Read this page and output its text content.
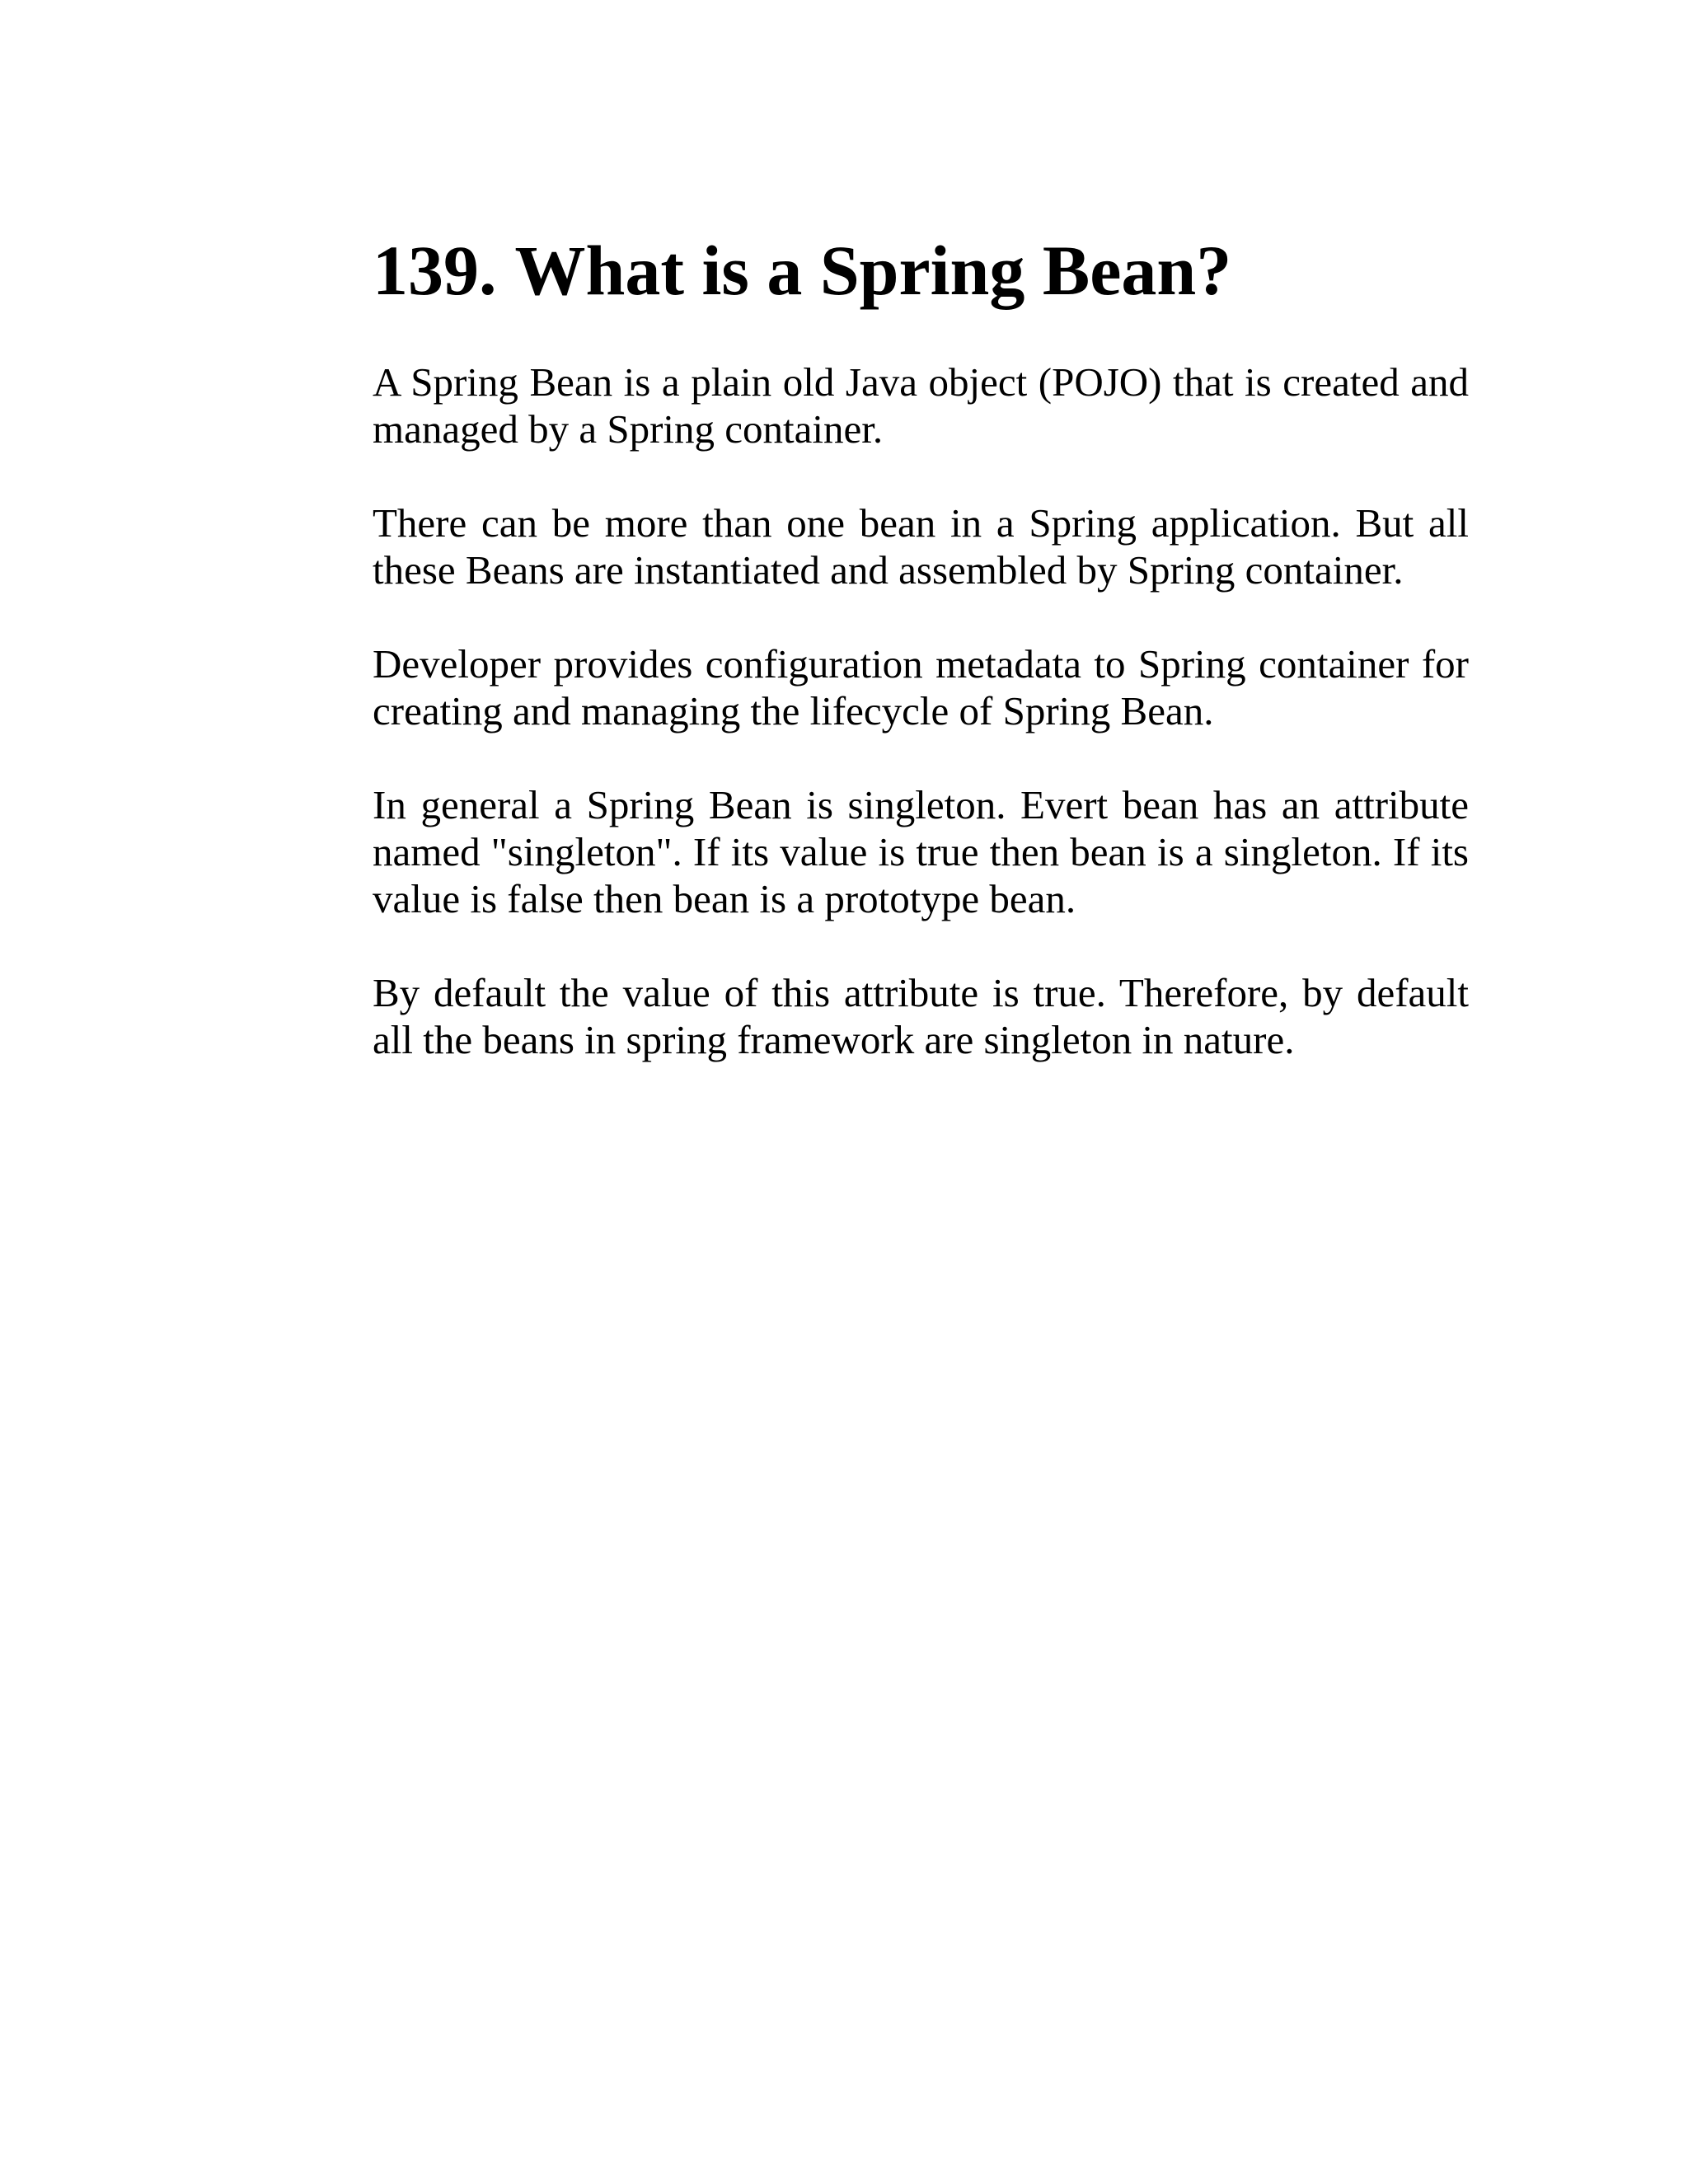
139. What is a Spring Bean?

A Spring Bean is a plain old Java object (POJO) that is created and managed by a Spring container.

There can be more than one bean in a Spring application. But all these Beans are instantiated and assembled by Spring container.

Developer provides configuration metadata to Spring container for creating and managing the lifecycle of Spring Bean.

In general a Spring Bean is singleton. Evert bean has an attribute named "singleton". If its value is true then bean is a singleton. If its value is false then bean is a prototype bean.

By default the value of this attribute is true. Therefore, by default all the beans in spring framework are singleton in nature.
